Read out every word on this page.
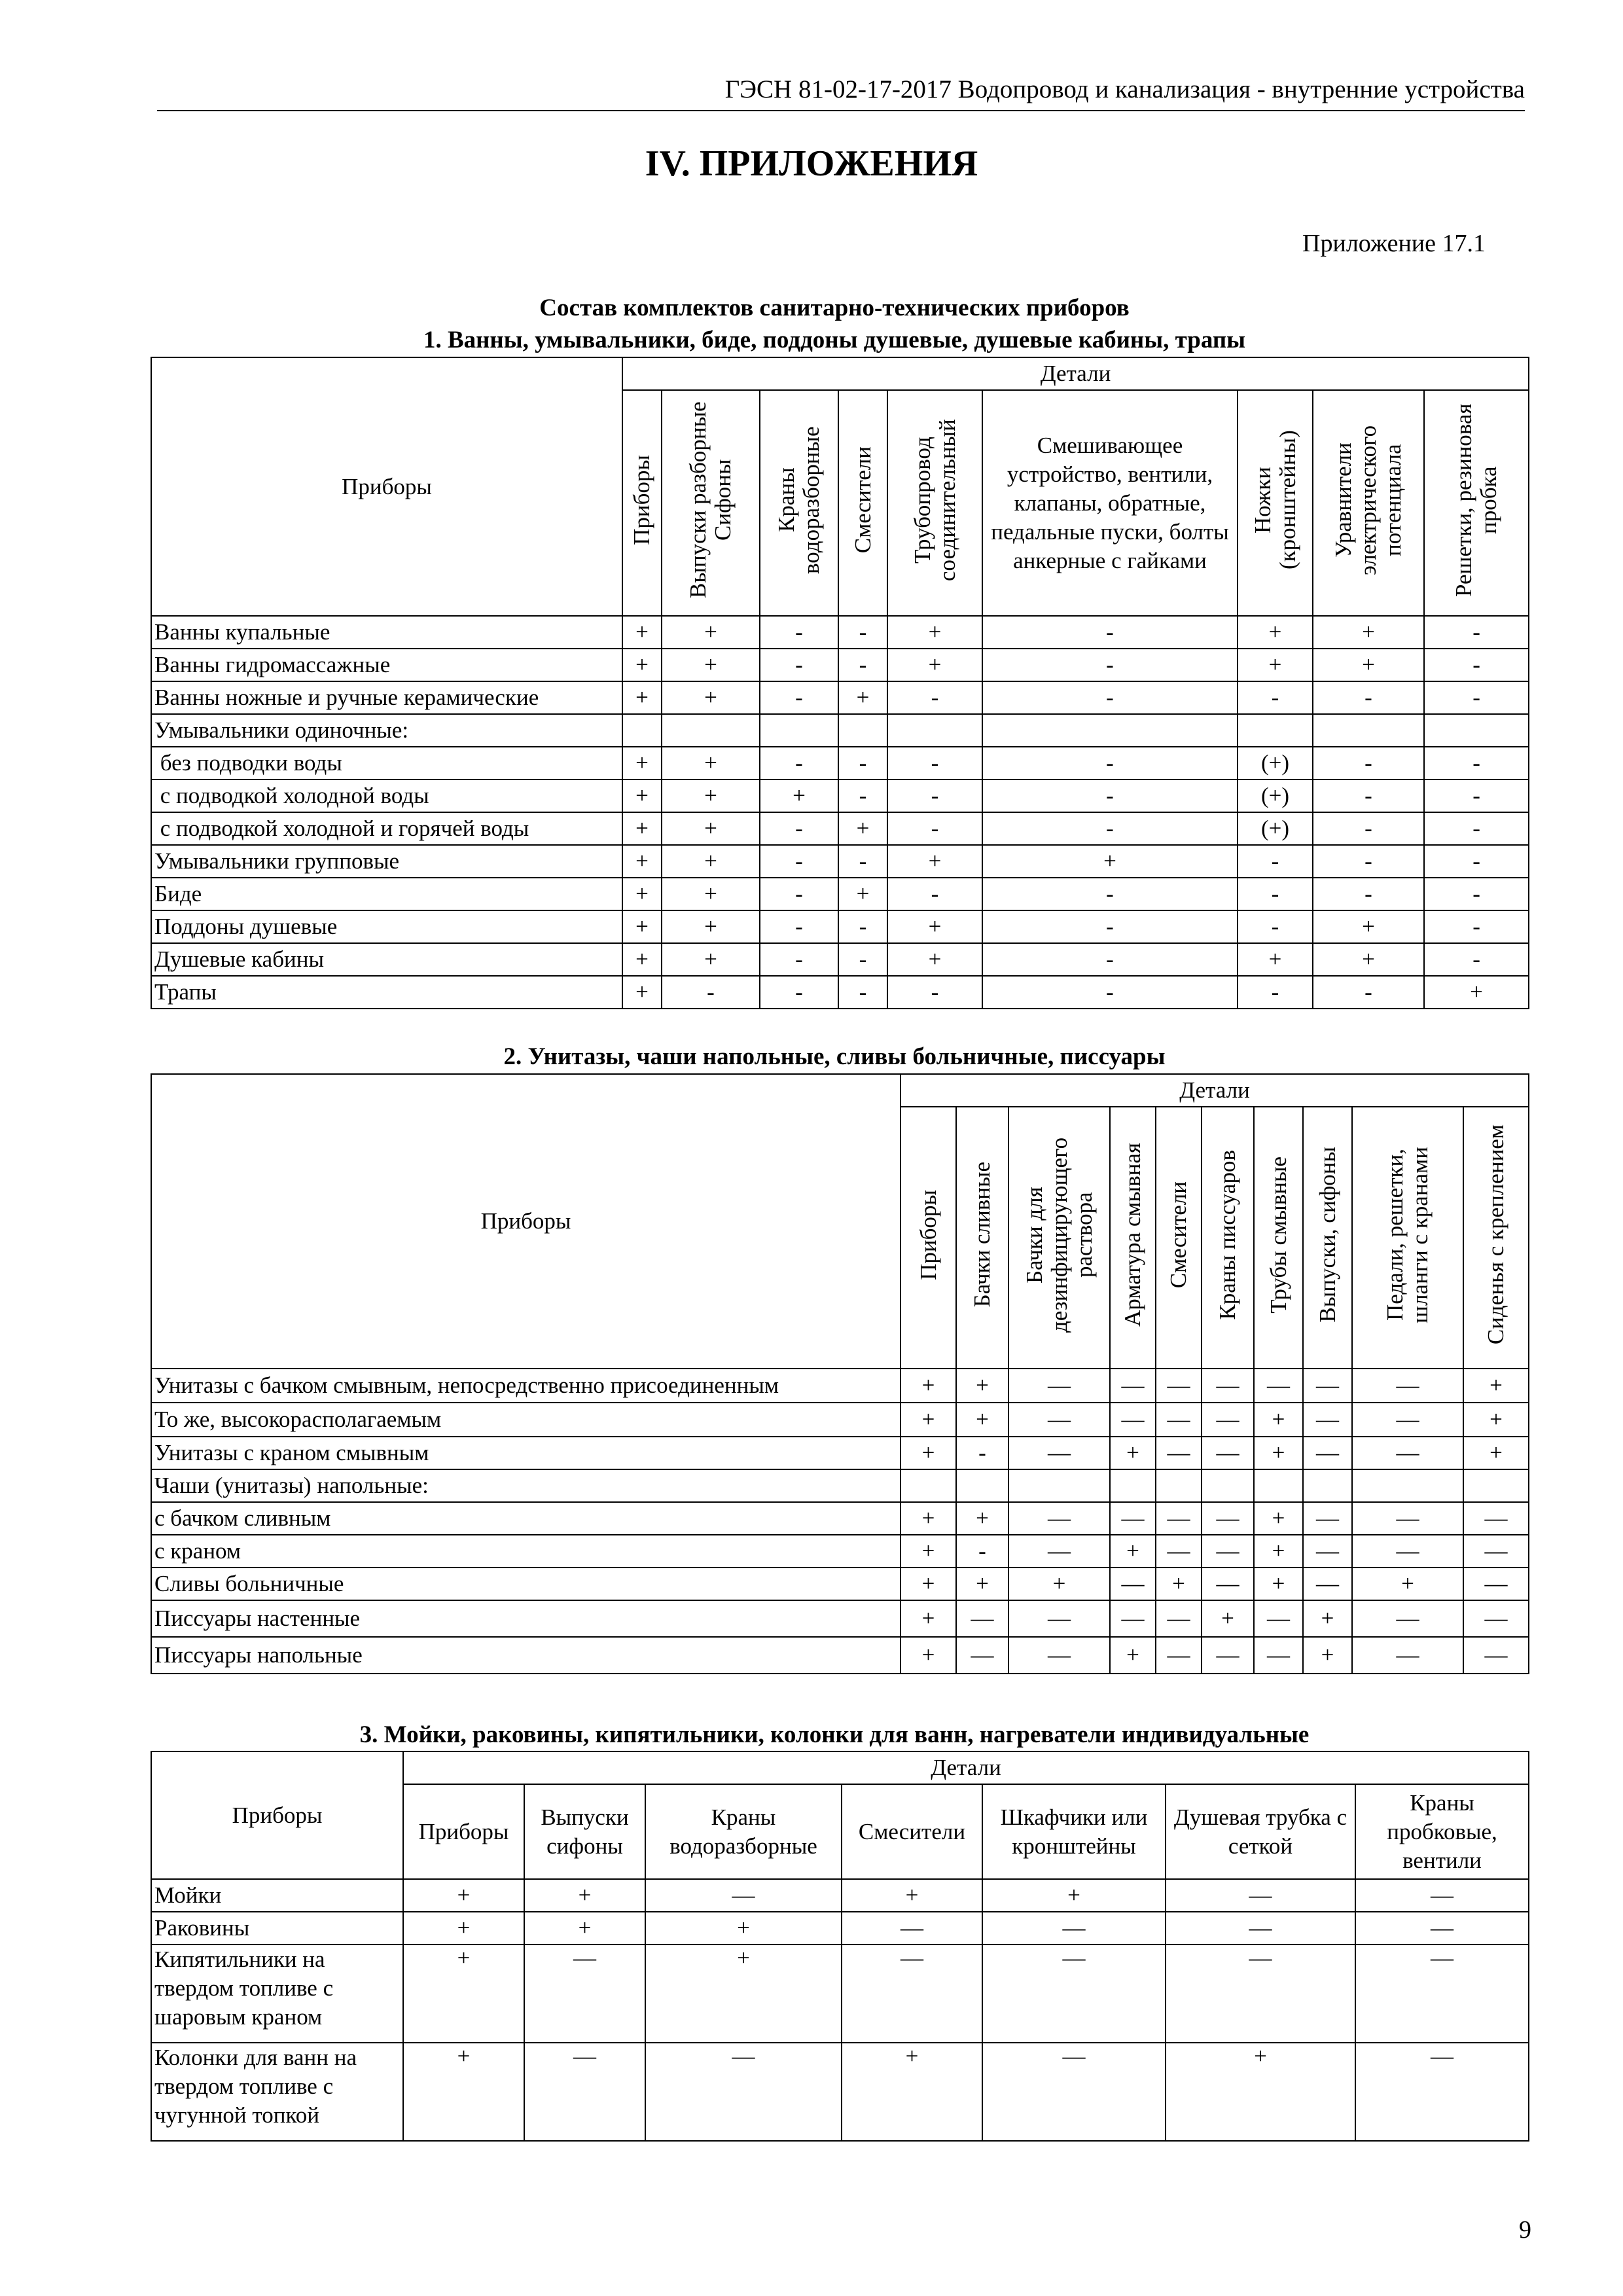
ГЭСН 81-02-17-2017 Водопровод и канализация - внутренние устройства
IV. ПРИЛОЖЕНИЯ
Приложение 17.1
Состав комплектов санитарно-технических приборов
1. Ванны, умывальники, биде, поддоны душевые, душевые кабины, трапы
Приборы	Детали								
	Приборы	Выпуски разборные Сифоны	Краны водоразборные	Смесители	Трубопровод соединительный	Смешивающее устройство, вентили, клапаны, обратные, педальные пуски, болты анкерные с гайками	Ножки (кронштейны)	Уравнители электрического потенциала	Решетки, резиновая пробка
Ванны купальные	+	+	-	-	+	-	+	+	-
Ванны гидромассажные	+	+	-	-	+	-	+	+	-
Ванны ножные и ручные керамические	+	+	-	+	-	-	-	-	-
Умывальники одиночные:									
без подводки воды	+	+	-	-	-	-	(+)	-	-
с подводкой холодной воды	+	+	+	-	-	-	(+)	-	-
с подводкой холодной и горячей воды	+	+	-	+	-	-	(+)	-	-
Умывальники групповые	+	+	-	-	+	+	-	-	-
Биде	+	+	-	+	-	-	-	-	-
Поддоны душевые	+	+	-	-	+	-	-	+	-
Душевые кабины	+	+	-	-	+	-	+	+	-
Трапы	+	-	-	-	-	-	-	-	+
2. Унитазы, чаши напольные, сливы больничные, писсуары
Приборы	Детали									
	Приборы	Бачки сливные	Бачки для дезинфицирующего раствора	Арматура смывная	Смесители	Краны писсуаров	Трубы смывные	Выпуски, сифоны	Педали, решетки, шланги с кранами	Сиденья с креплением
Унитазы с бачком смывным, непосредственно присоединенным	+	+	—	—	—	—	—	—	—	+
То же, высокорасполагаемым	+	+	—	—	—	—	+	—	—	+
Унитазы с краном смывным	+	-	—	+	—	—	+	—	—	+
Чаши (унитазы) напольные:										
с бачком сливным	+	+	—	—	—	—	+	—	—	—
с краном	+	-	—	+	—	—	+	—	—	—
Сливы больничные	+	+	+	—	+	—	+	—	+	—
Писсуары настенные	+	—	—	—	—	+	—	+	—	—
Писсуары напольные	+	—	—	+	—	—	—	+	—	—
3. Мойки, раковины, кипятильники, колонки для ванн, нагреватели индивидуальные
Приборы	Детали						
	Приборы	Выпуски сифоны	Краны водоразборные	Смесители	Шкафчики или кронштейны	Душевая трубка с сеткой	Краны пробковые, вентили
Мойки	+	+	—	+	+	—	—
Раковины	+	+	+	—	—	—	—
Кипятильники на твердом топливе с шаровым краном	+	—	+	—	—	—	—
Колонки для ванн на твердом топливе с чугунной топкой	+	—	—	+	—	+	—
9
